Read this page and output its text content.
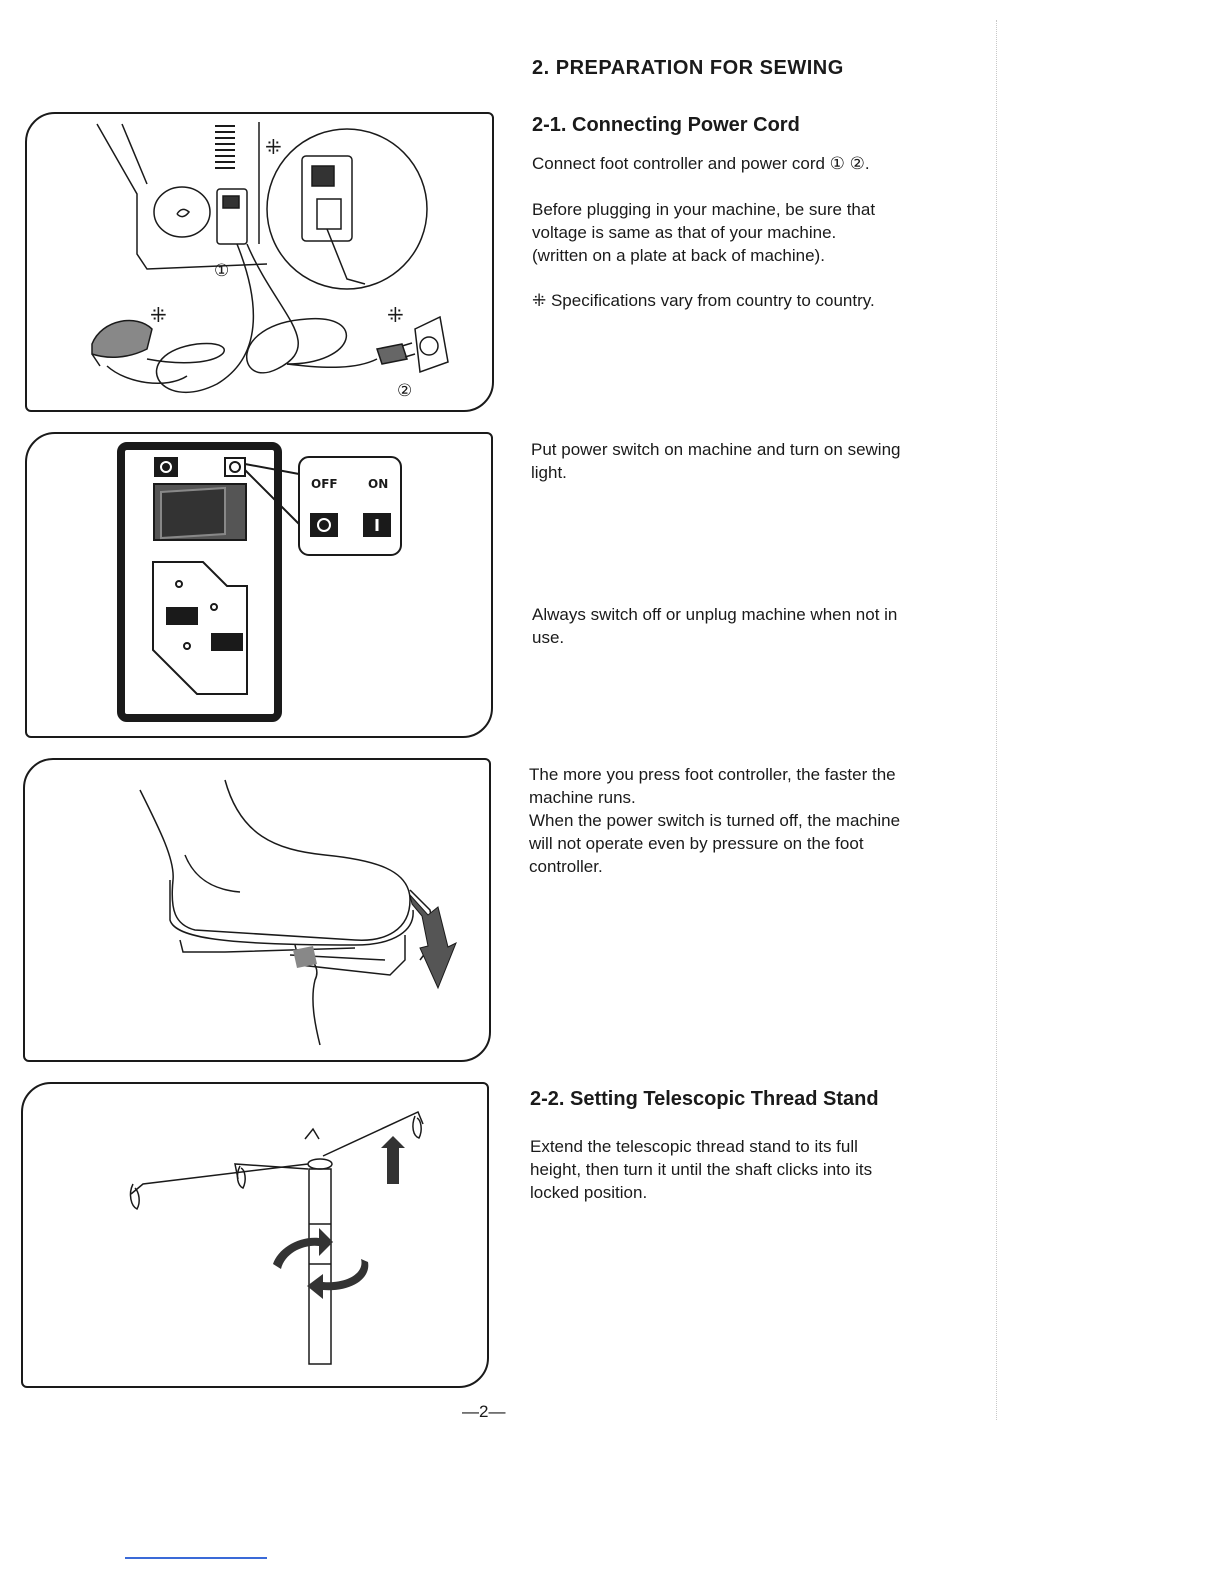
①
②
⁜
⁜	⁜
OFF	ON
2. PREPARATION FOR SEWING
2-1. Connecting Power Cord

Connect foot controller and power cord ① ②.

Before plugging in your machine, be sure that

voltage is same as that of your machine.

(written on a plate at back of machine).

⁜ Specifications vary from country to country.

Put power switch on machine and turn on sewing

light.

Always switch off or unplug machine when not in

use.

The more you press foot controller, the faster the

machine runs.

When the power switch is turned off, the machine

will not operate even by pressure on the foot

controller.

2-2. Setting Telescopic Thread Stand

Extend the telescopic thread stand to its full

height, then turn it until the shaft clicks into its

locked position.

—2—
